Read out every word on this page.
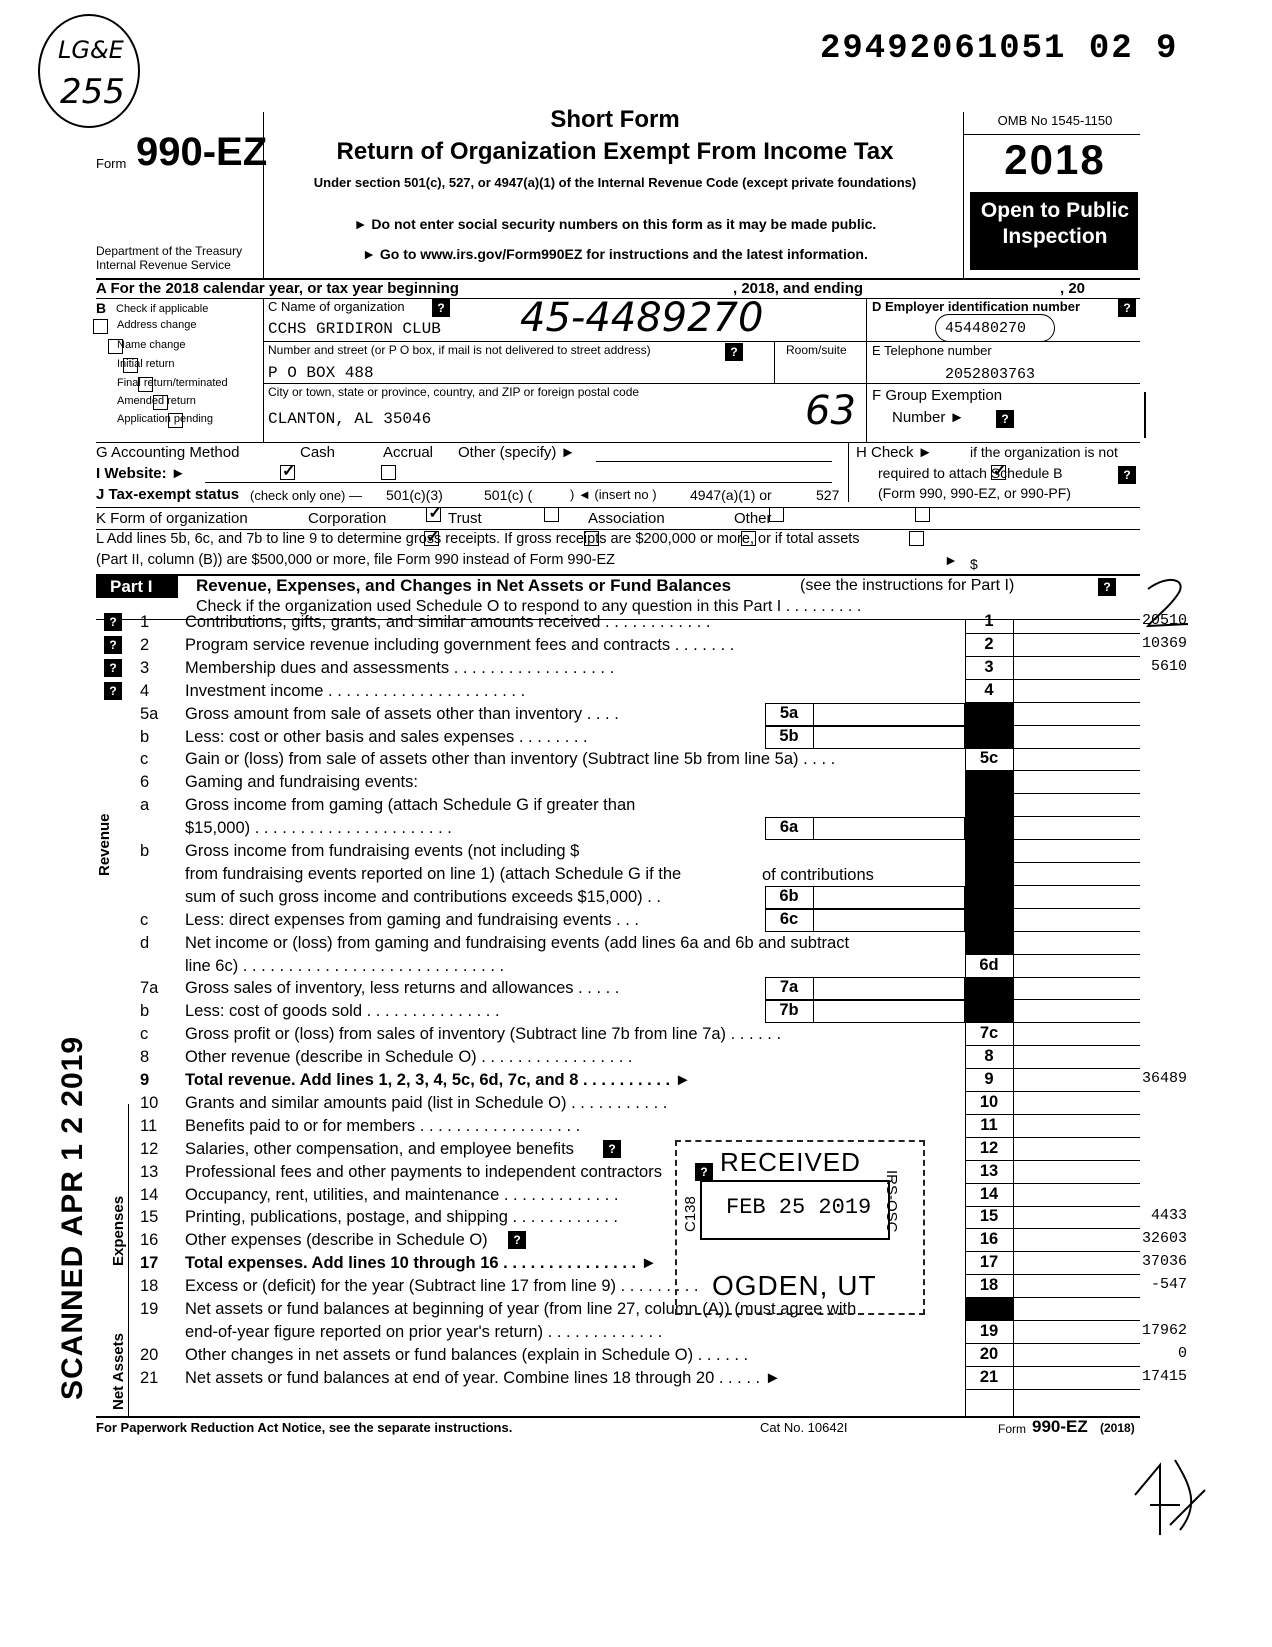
29492061051 02 9
LG&E
255
Form 990-EZ
Department of the Treasury
Internal Revenue Service
Short Form
Return of Organization Exempt From Income Tax
Under section 501(c), 527, or 4947(a)(1) of the Internal Revenue Code (except private foundations)
► Do not enter social security numbers on this form as it may be made public.
► Go to www.irs.gov/Form990EZ for instructions and the latest information.
OMB No 1545-1150
2018
Open to Public Inspection
A For the 2018 calendar year, or tax year beginning	, 2018, and ending	, 20
B Check if applicable
Address change
Name change
Initial return
Final return/terminated
Amended return
Application pending
C Name of organization	?
CCHS GRIDIRON CLUB 45-4489270
Number and street (or P O box, if mail is not delivered to street address)	?	Room/suite
P O BOX 488
City or town, state or province, country, and ZIP or foreign postal code
CLANTON, AL 35046	63
D Employer identification number	?
454480270
E Telephone number
2052803763
F Group Exemption
Number ►	?
G Accounting Method
✓	Cash
	Accrual Other (specify) ►	H Check ►
✓	if the organization is not
required to attach Schedule B	?
(Form 990, 990-EZ, or 990-PF)
I Website: ►
J Tax-exempt status (check only one) —
✓ 501(c)(3)
	501(c) (	) ◄ (insert no )
4947(a)(1) or
	527
K Form of organization
✓	Corporation
	Trust
	Association
	Other
L Add lines 5b, 6c, and 7b to line 9 to determine gross receipts. If gross receipts are $200,000 or more, or if total assets
(Part II, column (B)) are $500,000 or more, file Form 990 instead of Form 990-EZ	► $
Part I	Revenue, Expenses, and Changes in Net Assets or Fund Balances	(see the instructions for Part I)	?
Check if the organization used Schedule O to respond to any question in this Part I . . . . . . . . .
?	1	Contributions, gifts, grants, and similar amounts received . . . . . . . . . . . .	1	20510
?	2	Program service revenue including government fees and contracts . . . . . . .	2	10369
?	3	Membership dues and assessments . . . . . . . . . . . . . . . . . .	3	5610
?	4	Investment income . . . . . . . . . . . . . . . . . . . . . .	4
5a	Gross amount from sale of assets other than inventory . . . .	5a
b	Less: cost or other basis and sales expenses . . . . . . . .	5b
c	Gain or (loss) from sale of assets other than inventory (Subtract line 5b from line 5a) . . . .	5c
6	Gaming and fundraising events:
a	Gross income from gaming (attach Schedule G if greater than
$15,000) . . . . . . . . . . . . . . . . . . . . . .	6a
b	Gross income from fundraising events (not including $
from fundraising events reported on line 1) (attach Schedule G if the
sum of such gross income and contributions exceeds $15,000) . .	6b
c	Less: direct expenses from gaming and fundraising events . . .	6c
d	Net income or (loss) from gaming and fundraising events (add lines 6a and 6b and subtract
line 6c) . . . . . . . . . . . . . . . . . . . . . . . . . . . . .	6d
7a	Gross sales of inventory, less returns and allowances . . . . .	7a
b	Less: cost of goods sold . . . . . . . . . . . . . . .	7b
c	Gross profit or (loss) from sales of inventory (Subtract line 7b from line 7a) . . . . . .	7c
8	Other revenue (describe in Schedule O) . . . . . . . . . . . . . . . . .	8
9	Total revenue. Add lines 1, 2, 3, 4, 5c, 6d, 7c, and 8 . . . . . . . . . . ►	9	36489
10	Grants and similar amounts paid (list in Schedule O) . . . . . . . . . . .	10
11	Benefits paid to or for members . . . . . . . . . . . . . . . . . .	11
12	Salaries, other compensation, and employee benefits	?	12
13	Professional fees and other payments to independent contractors	?	13
14	Occupancy, rent, utilities, and maintenance . . . . . . . . . . . . .	14
15	Printing, publications, postage, and shipping . . . . . . . . . . . .	15	4433
16	Other expenses (describe in Schedule O)	?	16	32603
17	Total expenses. Add lines 10 through 16 . . . . . . . . . . . . . . . ►	17	37036
18	Excess or (deficit) for the year (Subtract line 17 from line 9) . . . . . . . . .	18	-547
19	Net assets or fund balances at beginning of year (from line 27, column (A)) (must agree with
end-of-year figure reported on prior year's return) . . . . . . . . . . . . .	19	17962
20	Other changes in net assets or fund balances (explain in Schedule O) . . . . . .	20	0
21	Net assets or fund balances at end of year. Combine lines 18 through 20 . . . . . ►	21	17415
Revenue
Expenses
Net Assets
of contributions
RECEIVED
FEB 25 2019
OGDEN, UT
C138	IRS-OSC
SCANNED APR 1 2 2019
For Paperwork Reduction Act Notice, see the separate instructions.	Cat No. 10642I	Form 990-EZ (2018)
